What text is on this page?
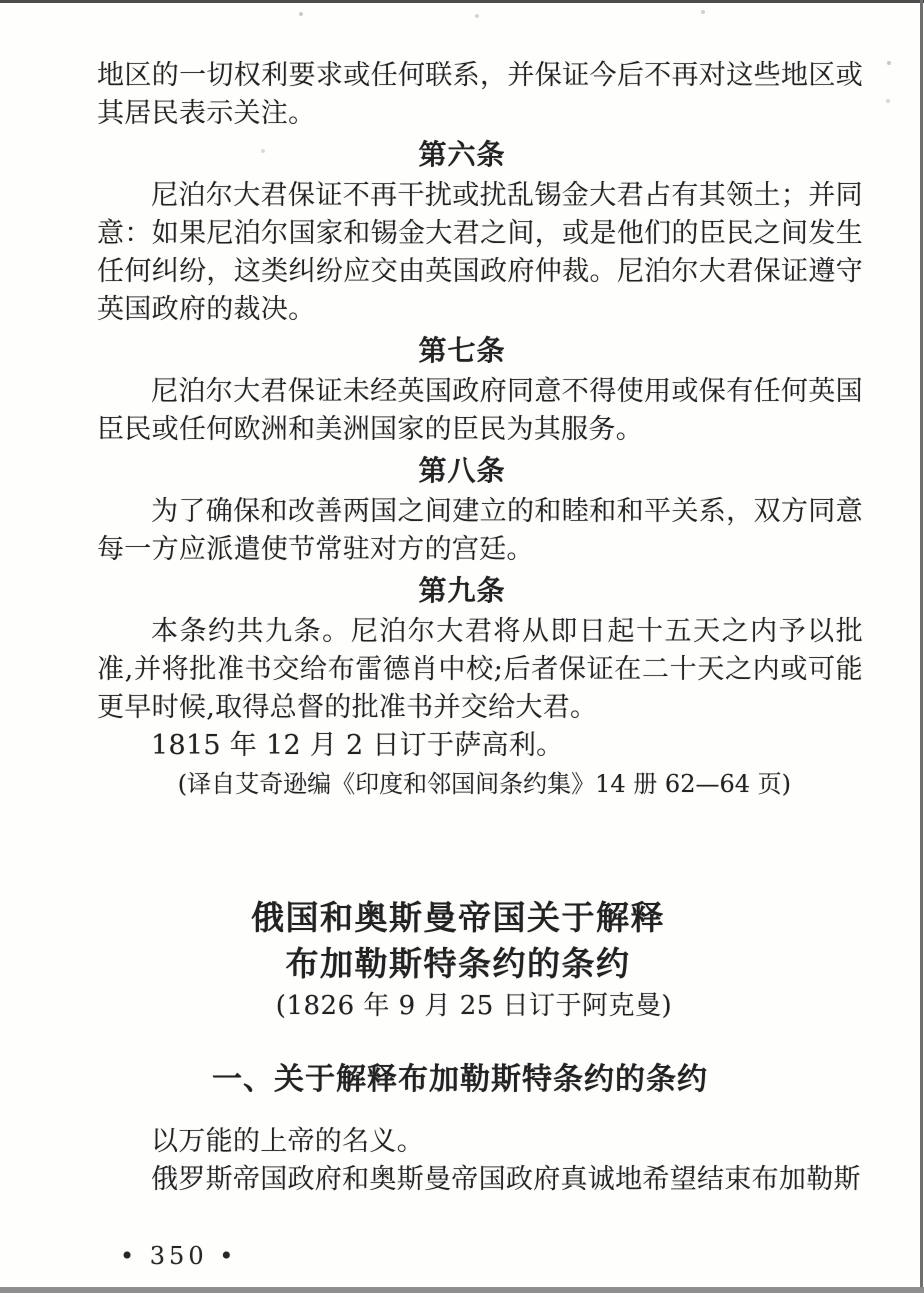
地区的一切权利要求或任何联系，并保证今后不再对这些地区或其居民表示关注。

第六条

尼泊尔大君保证不再干扰或扰乱锡金大君占有其领土；并同意：如果尼泊尔国家和锡金大君之间，或是他们的臣民之间发生任何纠纷，这类纠纷应交由英国政府仲裁。尼泊尔大君保证遵守英国政府的裁决。

第七条

尼泊尔大君保证未经英国政府同意不得使用或保有任何英国臣民或任何欧洲和美洲国家的臣民为其服务。

第八条

为了确保和改善两国之间建立的和睦和和平关系，双方同意每一方应派遣使节常驻对方的宫廷。

第九条

本条约共九条。尼泊尔大君将从即日起十五天之内予以批准,并将批准书交给布雷德肖中校;后者保证在二十天之内或可能更早时候,取得总督的批准书并交给大君。

1815 年 12 月 2 日订于萨高利。

(译自艾奇逊编《印度和邻国间条约集》14 册 62—64 页)

俄国和奥斯曼帝国关于解释
布加勒斯特条约的条约

(1826 年 9 月 25 日订于阿克曼)

一、关于解释布加勒斯特条约的条约

以万能的上帝的名义。

俄罗斯帝国政府和奥斯曼帝国政府真诚地希望结束布加勒斯

• 350 •
